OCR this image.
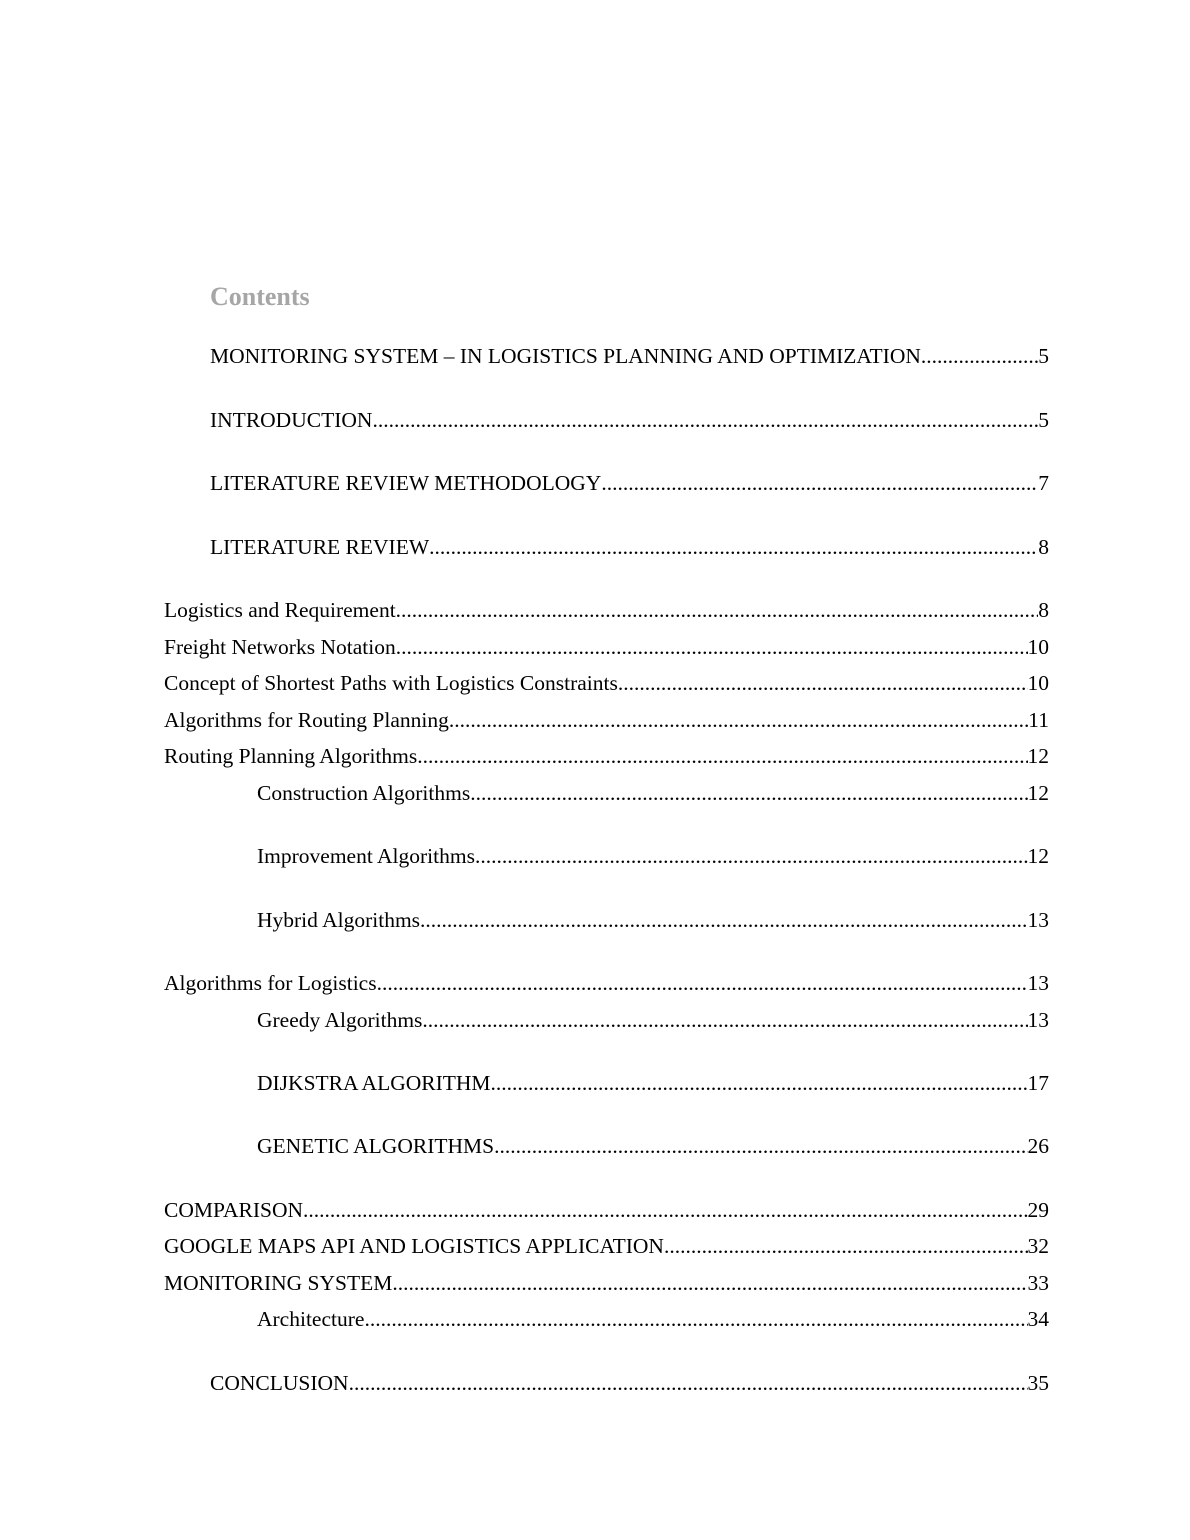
Contents
MONITORING SYSTEM – IN LOGISTICS PLANNING AND OPTIMIZATION .....	5
INTRODUCTION .....	5
LITERATURE REVIEW METHODOLOGY .....	7
LITERATURE REVIEW .....	8
Logistics and Requirement .....	8
Freight Networks Notation .....	10
Concept of Shortest Paths with Logistics Constraints .....	10
Algorithms for Routing Planning .....	11
Routing Planning Algorithms .....	12
Construction Algorithms .....	12
Improvement Algorithms .....	12
Hybrid Algorithms .....	13
Algorithms for Logistics .....	13
Greedy Algorithms .....	13
DIJKSTRA ALGORITHM .....	17
GENETIC ALGORITHMS .....	26
COMPARISON .....	29
GOOGLE MAPS API AND LOGISTICS APPLICATION .....	32
MONITORING SYSTEM .....	33
Architecture .....	34
CONCLUSION .....	35
